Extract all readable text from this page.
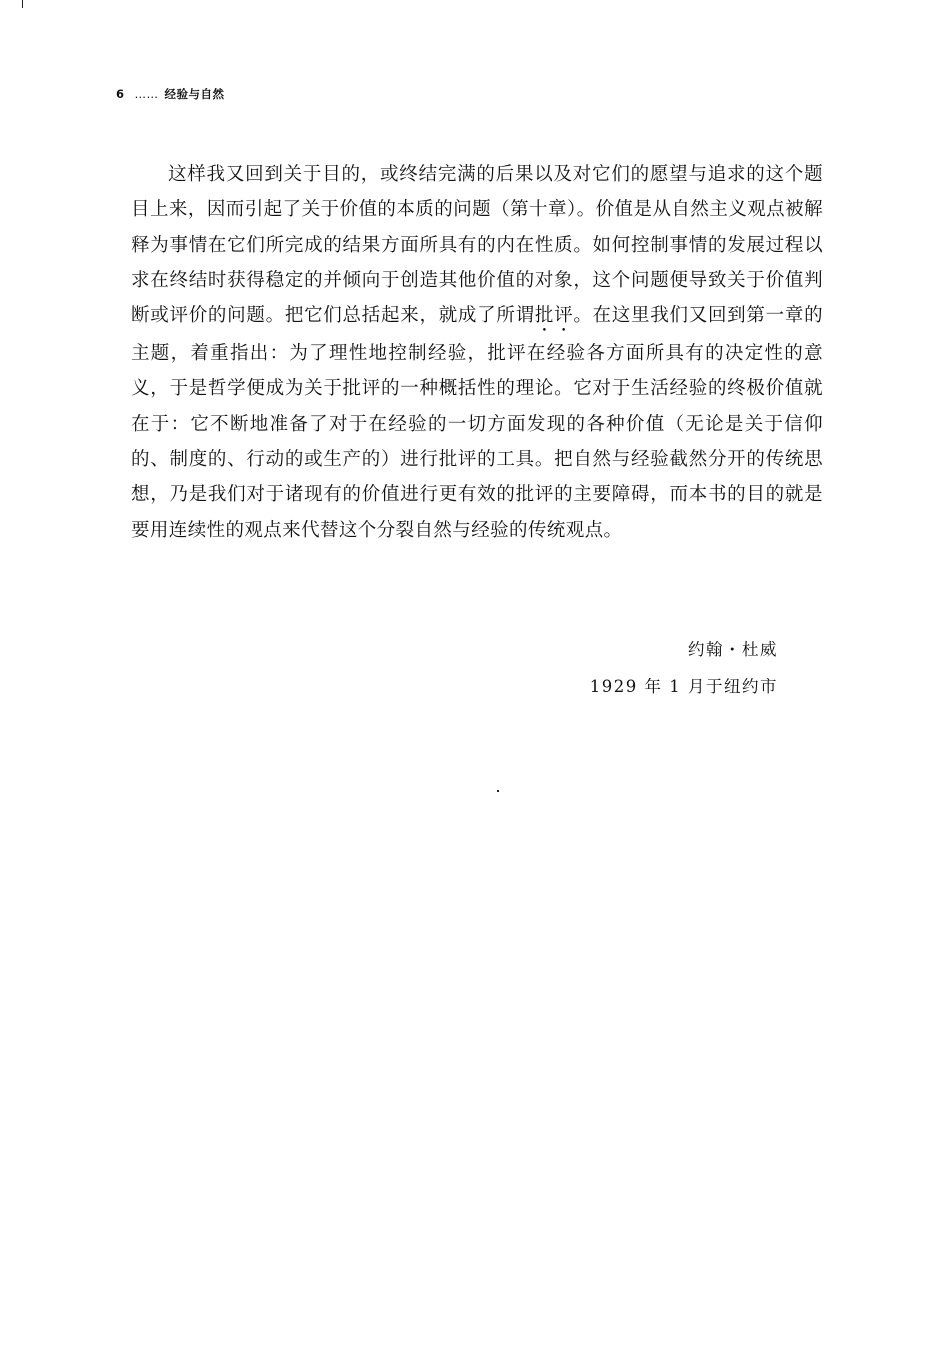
6 …… 经验与自然

这样我又回到关于目的，或终结完满的后果以及对它们的愿望与追求的这个题目上来，因而引起了关于价值的本质的问题（第十章）。价值是从自然主义观点被解释为事情在它们所完成的结果方面所具有的内在性质。如何控制事情的发展过程以求在终结时获得稳定的并倾向于创造其他价值的对象，这个问题便导致关于价值判断或评价的问题。把它们总括起来，就成了所谓批评。在这里我们又回到第一章的主题，着重指出：为了理性地控制经验，批评在经验各方面所具有的决定性的意义，于是哲学便成为关于批评的一种概括性的理论。它对于生活经验的终极价值就在于：它不断地准备了对于在经验的一切方面发现的各种价值（无论是关于信仰的、制度的、行动的或生产的）进行批评的工具。把自然与经验截然分开的传统思想，乃是我们对于诸现有的价值进行更有效的批评的主要障碍，而本书的目的就是要用连续性的观点来代替这个分裂自然与经验的传统观点。

约翰・杜威
1929 年 1 月于纽约市
